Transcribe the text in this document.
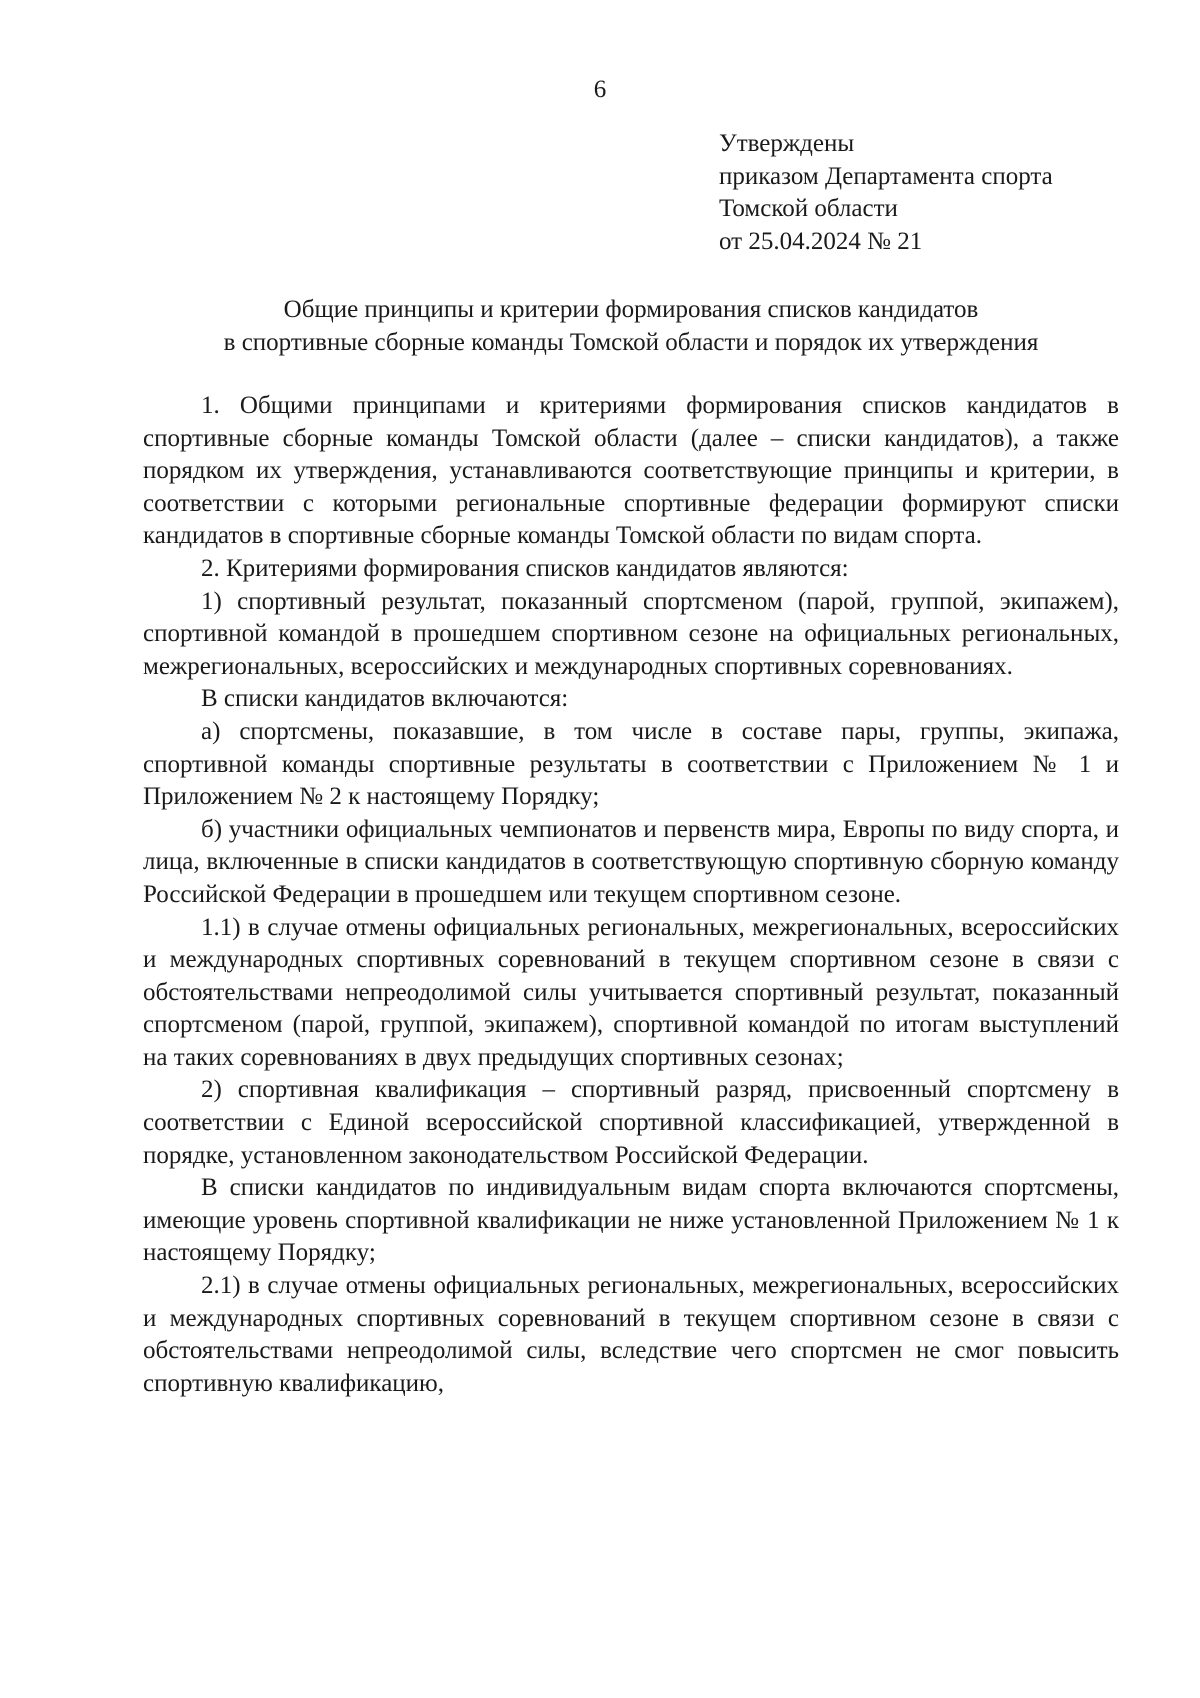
6
Утверждены
приказом Департамента спорта
Томской области
от 25.04.2024 № 21
Общие принципы и критерии формирования списков кандидатов
в спортивные сборные команды Томской области и порядок их утверждения

1. Общими принципами и критериями формирования списков кандидатов в спортивные сборные команды Томской области (далее – списки кандидатов), а также порядком их утверждения, устанавливаются соответствующие принципы и критерии, в соответствии с которыми региональные спортивные федерации формируют списки кандидатов в спортивные сборные команды Томской области по видам спорта.

2. Критериями формирования списков кандидатов являются:

1) спортивный результат, показанный спортсменом (парой, группой, экипажем), спортивной командой в прошедшем спортивном сезоне на официальных региональных, межрегиональных, всероссийских и международных спортивных соревнованиях.

В списки кандидатов включаются:

а) спортсмены, показавшие, в том числе в составе пары, группы, экипажа, спортивной команды спортивные результаты в соответствии с Приложением № 1 и Приложением № 2 к настоящему Порядку;

б) участники официальных чемпионатов и первенств мира, Европы по виду спорта, и лица, включенные в списки кандидатов в соответствующую спортивную сборную команду Российской Федерации в прошедшем или текущем спортивном сезоне.

1.1) в случае отмены официальных региональных, межрегиональных, всероссийских и международных спортивных соревнований в текущем спортивном сезоне в связи с обстоятельствами непреодолимой силы учитывается спортивный результат, показанный спортсменом (парой, группой, экипажем), спортивной командой по итогам выступлений на таких соревнованиях в двух предыдущих спортивных сезонах;

2) спортивная квалификация – спортивный разряд, присвоенный спортсмену в соответствии с Единой всероссийской спортивной классификацией, утвержденной в порядке, установленном законодательством Российской Федерации.

В списки кандидатов по индивидуальным видам спорта включаются спортсмены, имеющие уровень спортивной квалификации не ниже установленной Приложением № 1 к настоящему Порядку;

2.1) в случае отмены официальных региональных, межрегиональных, всероссийских и международных спортивных соревнований в текущем спортивном сезоне в связи с обстоятельствами непреодолимой силы, вследствие чего спортсмен не смог повысить спортивную квалификацию,
